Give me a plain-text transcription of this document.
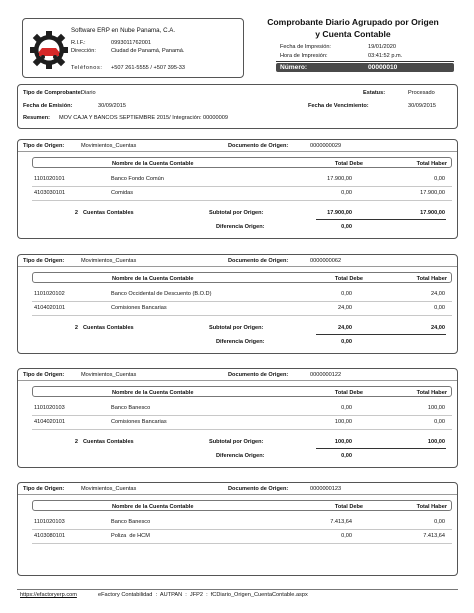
Software ERP en Nube Panama, C.A.
R.I.F.:	0993011762001
Dirección:	Ciudad de Panamá, Panamá.
Teléfonos: +507 261-5555 / +507 395-33
Comprobante Diario Agrupado por Origen
y Cuenta Contable
Fecha de Impresión:	19/01/2020
Hora de Impresión:	03:41:52 p.m.
Número:	00000010
Tipo de Comprobante:
Diario	Estatus:	Procesado
Fecha de Emisión:	30/09/2015	Fecha de Vencimiento:	30/09/2015
Resumen: MOV CAJA Y BANCOS SEPTIEMBRE 2015/ Integración: 00000009
Tipo de Origen:	Movimientos_Cuentas	Documento de Origen:	0000000029
Nombre de la Cuenta Contable	Total Debe	Total Haber
1101020101	Banco Fondo Común	17.900,00	0,00
4103030101	Comidas	0,00	17.900,00
2 Cuentas Contables	Subtotal por Origen:	17.900,00	17.900,00
Diferencia Origen:	0,00
Tipo de Origen:	Movimientos_Cuentas	Documento de Origen:	0000000062
Nombre de la Cuenta Contable	Total Debe	Total Haber
1101020102	Banco Occidental de Descuento (B.O.D)	0,00	24,00
4104020101	Comisiones Bancarias	24,00	0,00
2 Cuentas Contables	Subtotal por Origen:	24,00	24,00
Diferencia Origen:	0,00
Tipo de Origen:	Movimientos_Cuentas	Documento de Origen:	0000000122
Nombre de la Cuenta Contable	Total Debe	Total Haber
1101020103	Banco Banesco	0,00	100,00
4104020101	Comisiones Bancarias	100,00	0,00
2 Cuentas Contables	Subtotal por Origen:	100,00	100,00
Diferencia Origen:	0,00
Tipo de Origen:	Movimientos_Cuentas	Documento de Origen:	0000000123
Nombre de la Cuenta Contable	Total Debe	Total Haber
1101020103	Banco Banesco	7.413,64	0,00
4103080101	Poliza  de HCM	0,00	7.413,64
https://efactoryerp.com	eFactory Contabilidad  :  AUTPAN  :  JFP2  :  fCDiario_Origen_CuentaContable.aspx
